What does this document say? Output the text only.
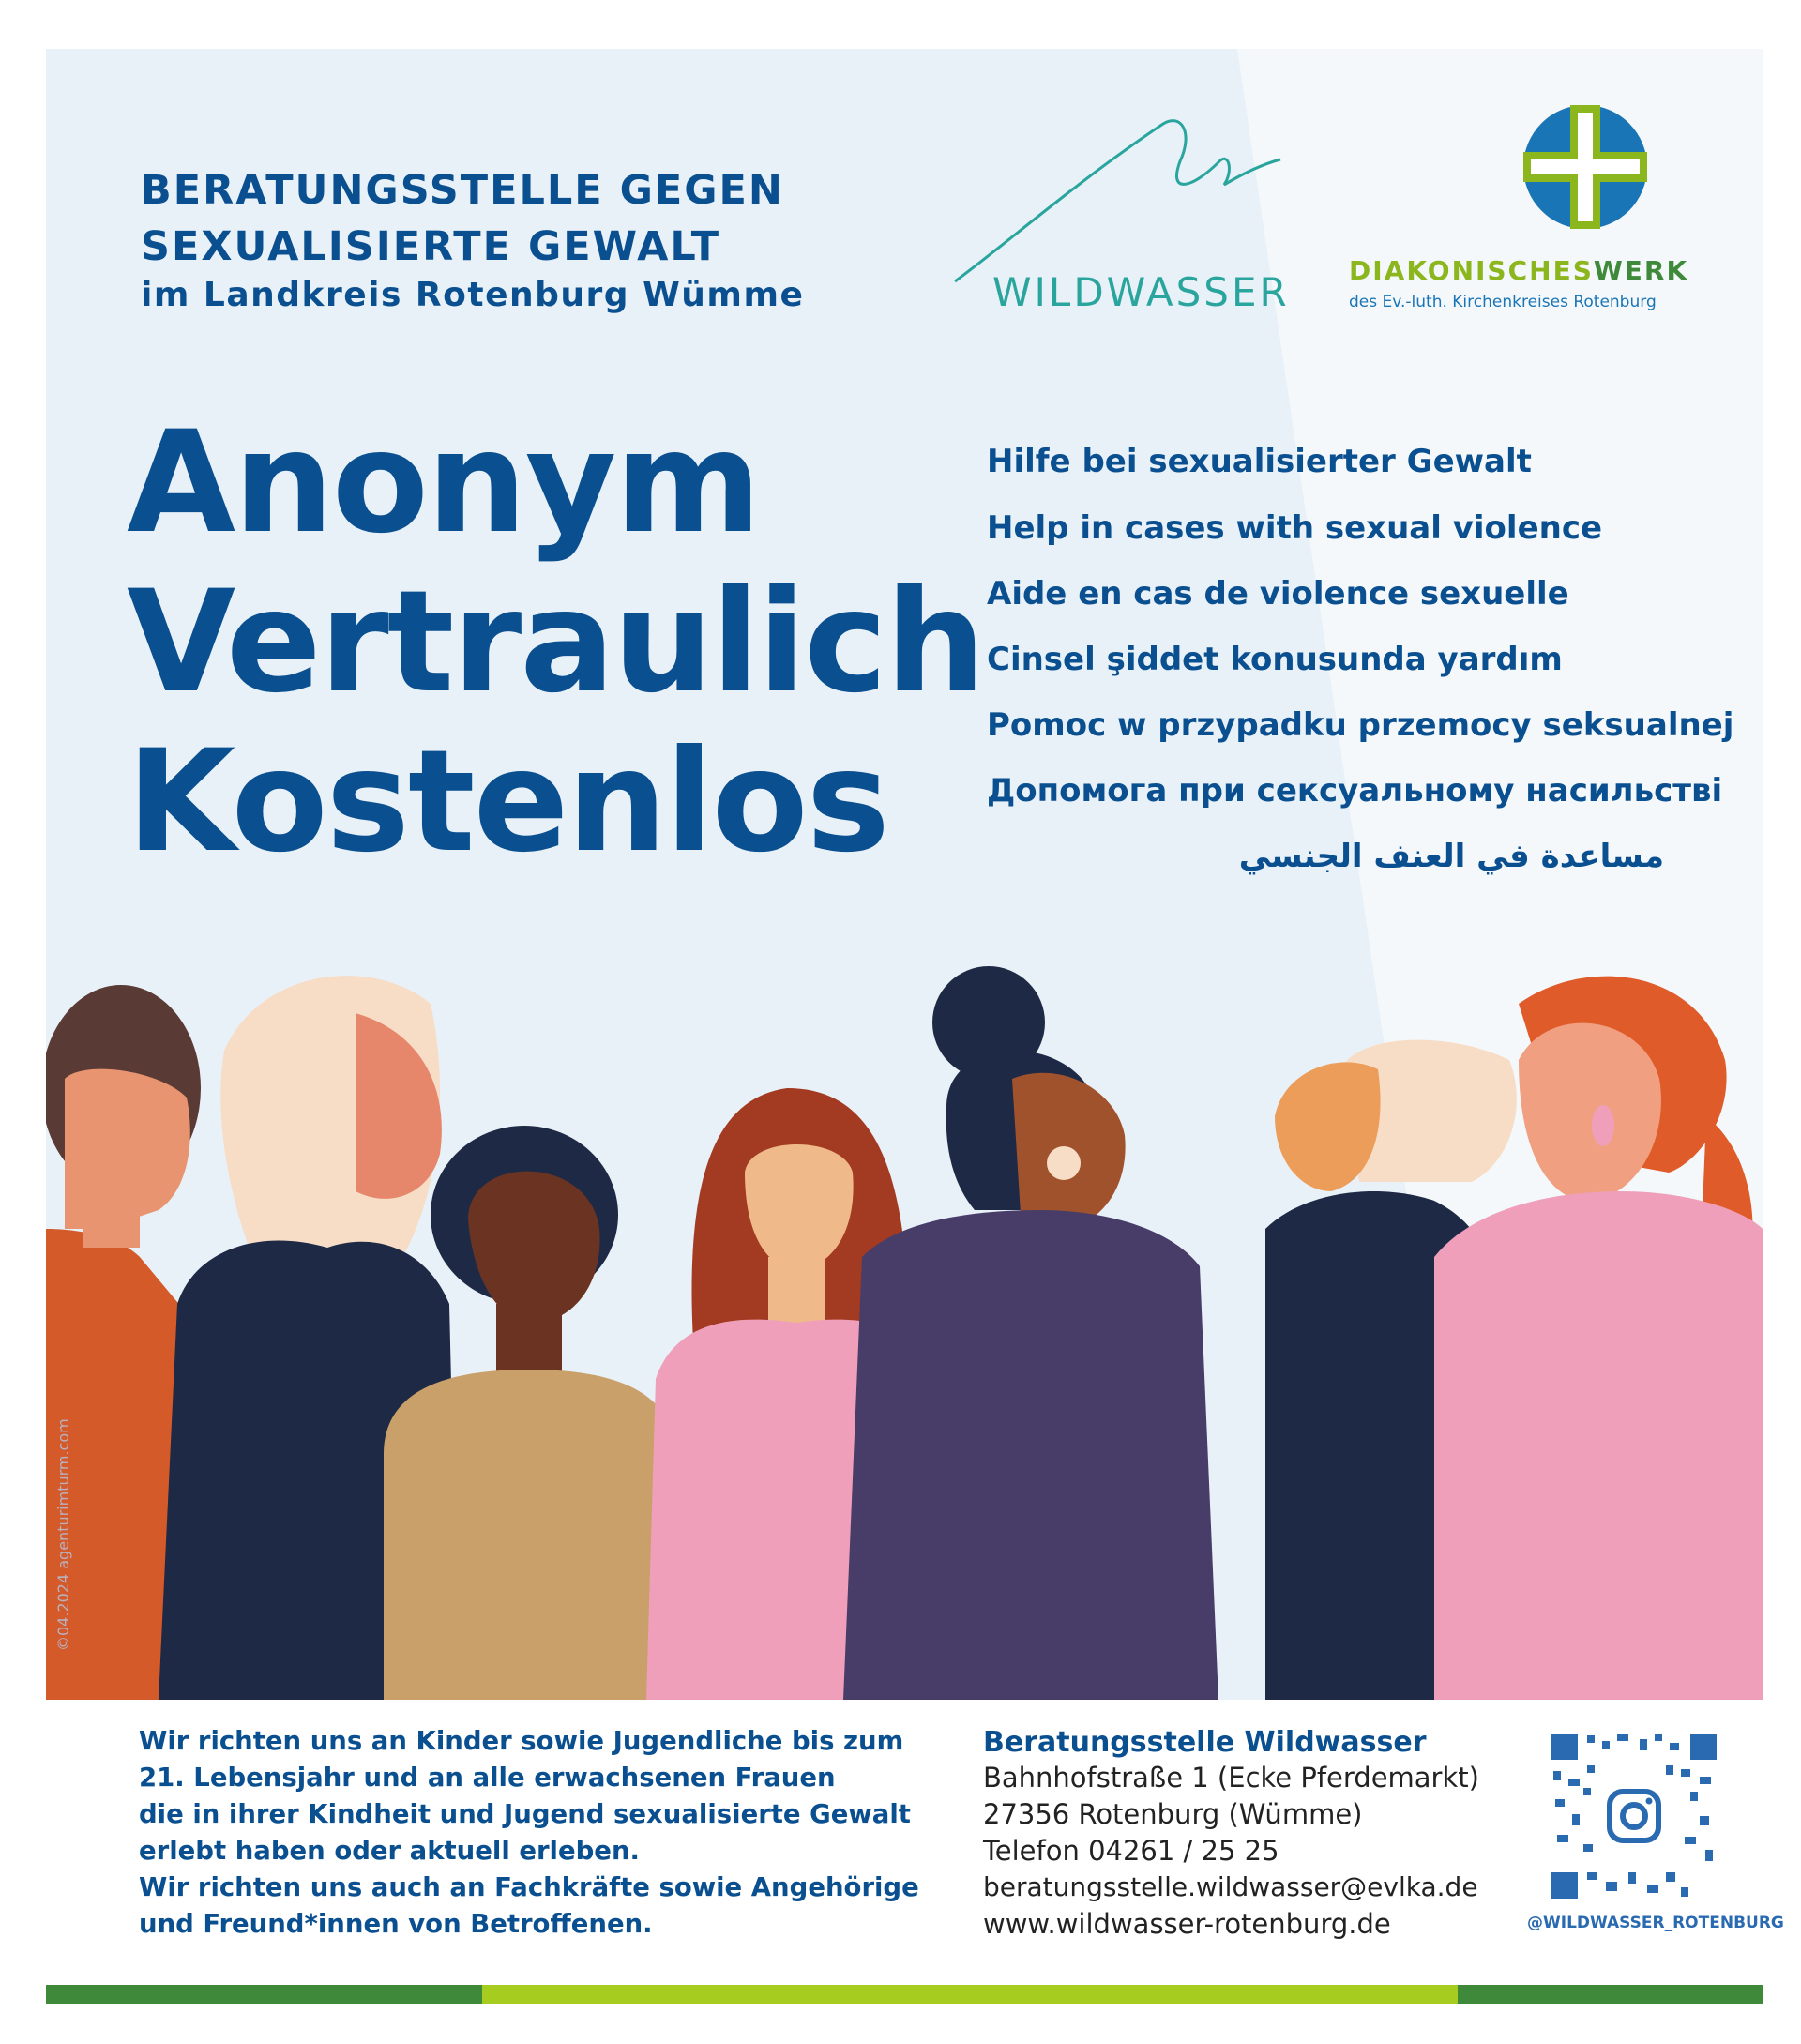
BERATUNGSSTELLE GEGEN
SEXUALISIERTE GEWALT
im Landkreis Rotenburg Wümme	WILDWASSER DIAKONISCHESWERK
des Ev.-luth. Kirchenkreises Rotenburg
Anonym
Vertraulich
Kostenlos
Hilfe bei sexualisierter Gewalt
Help in cases with sexual violence
Aide en cas de violence sexuelle
Cinsel şiddet konusunda yardım
Pomoc w przypadku przemocy seksualnej
Допомога при сексуальному насильстві
مساعدة في العنف الجنسي
©04.2024 agenturimturm.com
Wir richten uns an Kinder sowie Jugendliche bis zum
21. Lebensjahr und an alle erwachsenen Frauen
die in ihrer Kindheit und Jugend sexualisierte Gewalt
erlebt haben oder aktuell erleben.
Wir richten uns auch an Fachkräfte sowie Angehörige
und Freund*innen von Betroffenen.
Beratungsstelle Wildwasser
Bahnhofstraße 1 (Ecke Pferdemarkt)
27356 Rotenburg (Wümme)
Telefon 04261 / 25 25
beratungsstelle.wildwasser@evlka.de
www.wildwasser-rotenburg.de	@WILDWASSER_ROTENBURG
